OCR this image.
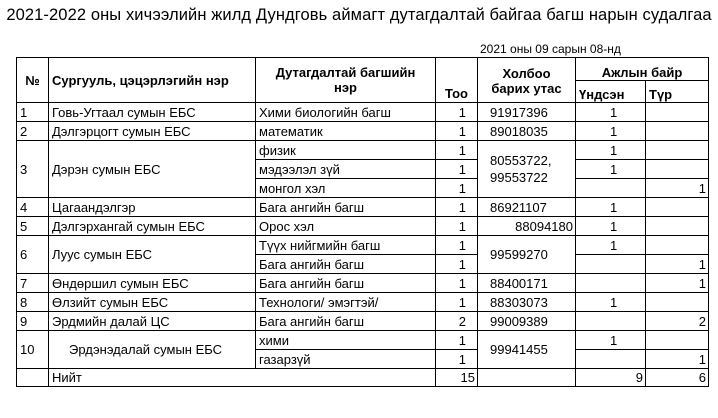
2021-2022 оны хичээлийн жилд Дундговь аймагт дутагдалтай байгаа багш нарын судалгаа
2021 оны 09 сарын 08-нд
№	Сургууль, цэцэрлэгийн нэр	Дутагдалтай багшийн нэр	Тоо	Холбоо барих утас	Ажлын байр	
					Үндсэн	Түр
1	Говь-Угтаал сумын ЕБС	Хими биологийн багш	1	91917396	1	
2	Дэлгэрцогт сумын ЕБС	математик	1	89018035	1	
3	Дэрэн сумын ЕБС	физик	1	80553722, 99553722	1	
		мэдээлэл зүй	1		1	
		монгол хэл	1			1
4	Цагаандэлгэр	Бага ангийн багш	1	86921107	1	
5	Дэлгэрхангай сумын ЕБС	Орос хэл	1	88094180	1	
6	Луус сумын ЕБС	Түүх нийгмийн багш	1	99599270	1	
		Бага ангийн багш	1			1
7	Өндөршил сумын ЕБС	Бага ангийн багш	1	88400171		1
8	Өлзийт сумын ЕБС	Технологи/ эмэгтэй/	1	88303073	1	
9	Эрдмийн далай ЦС	Бага ангийн багш	2	99009389		2
10	Эрдэнэдалай сумын ЕБС	хими	1	99941455	1	
		газарзүй	1			1
	Нийт		15		9	6
